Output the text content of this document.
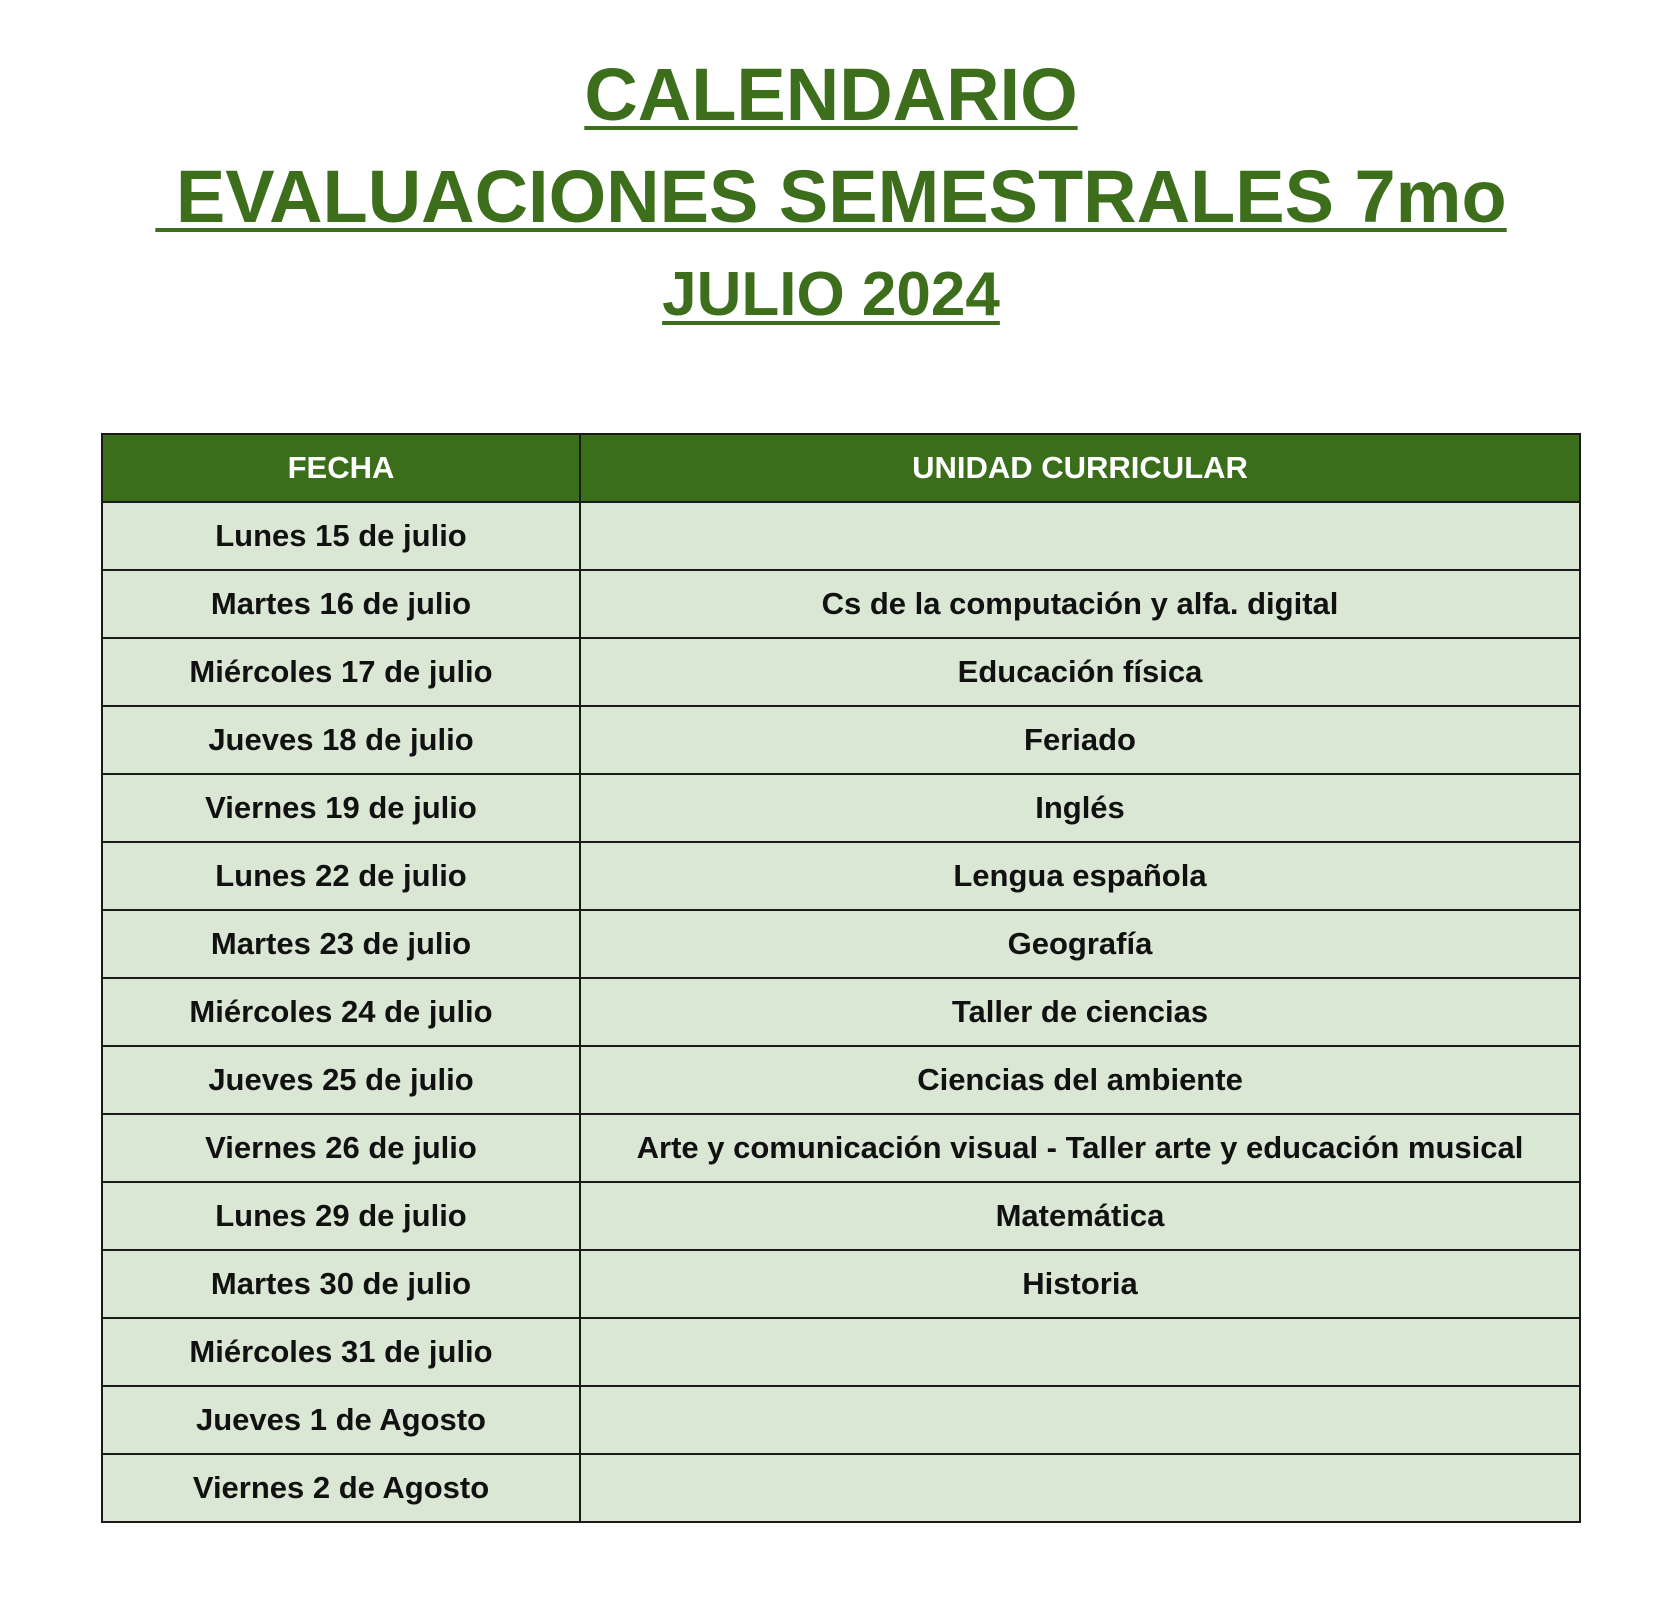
CALENDARIO
EVALUACIONES SEMESTRALES 7mo
JULIO 2024
FECHA	UNIDAD CURRICULAR
Lunes 15 de julio	
Martes 16 de julio	Cs de la computación y alfa. digital
Miércoles 17 de julio	Educación física
Jueves 18 de julio	Feriado
Viernes 19 de julio	Inglés
Lunes 22 de julio	Lengua española
Martes 23 de julio	Geografía
Miércoles 24 de julio	Taller de ciencias
Jueves 25 de julio	Ciencias del ambiente
Viernes 26 de julio	Arte y comunicación visual - Taller arte y educación musical
Lunes 29 de julio	Matemática
Martes 30 de julio	Historia
Miércoles 31 de julio	
Jueves 1 de Agosto	
Viernes 2 de Agosto	
